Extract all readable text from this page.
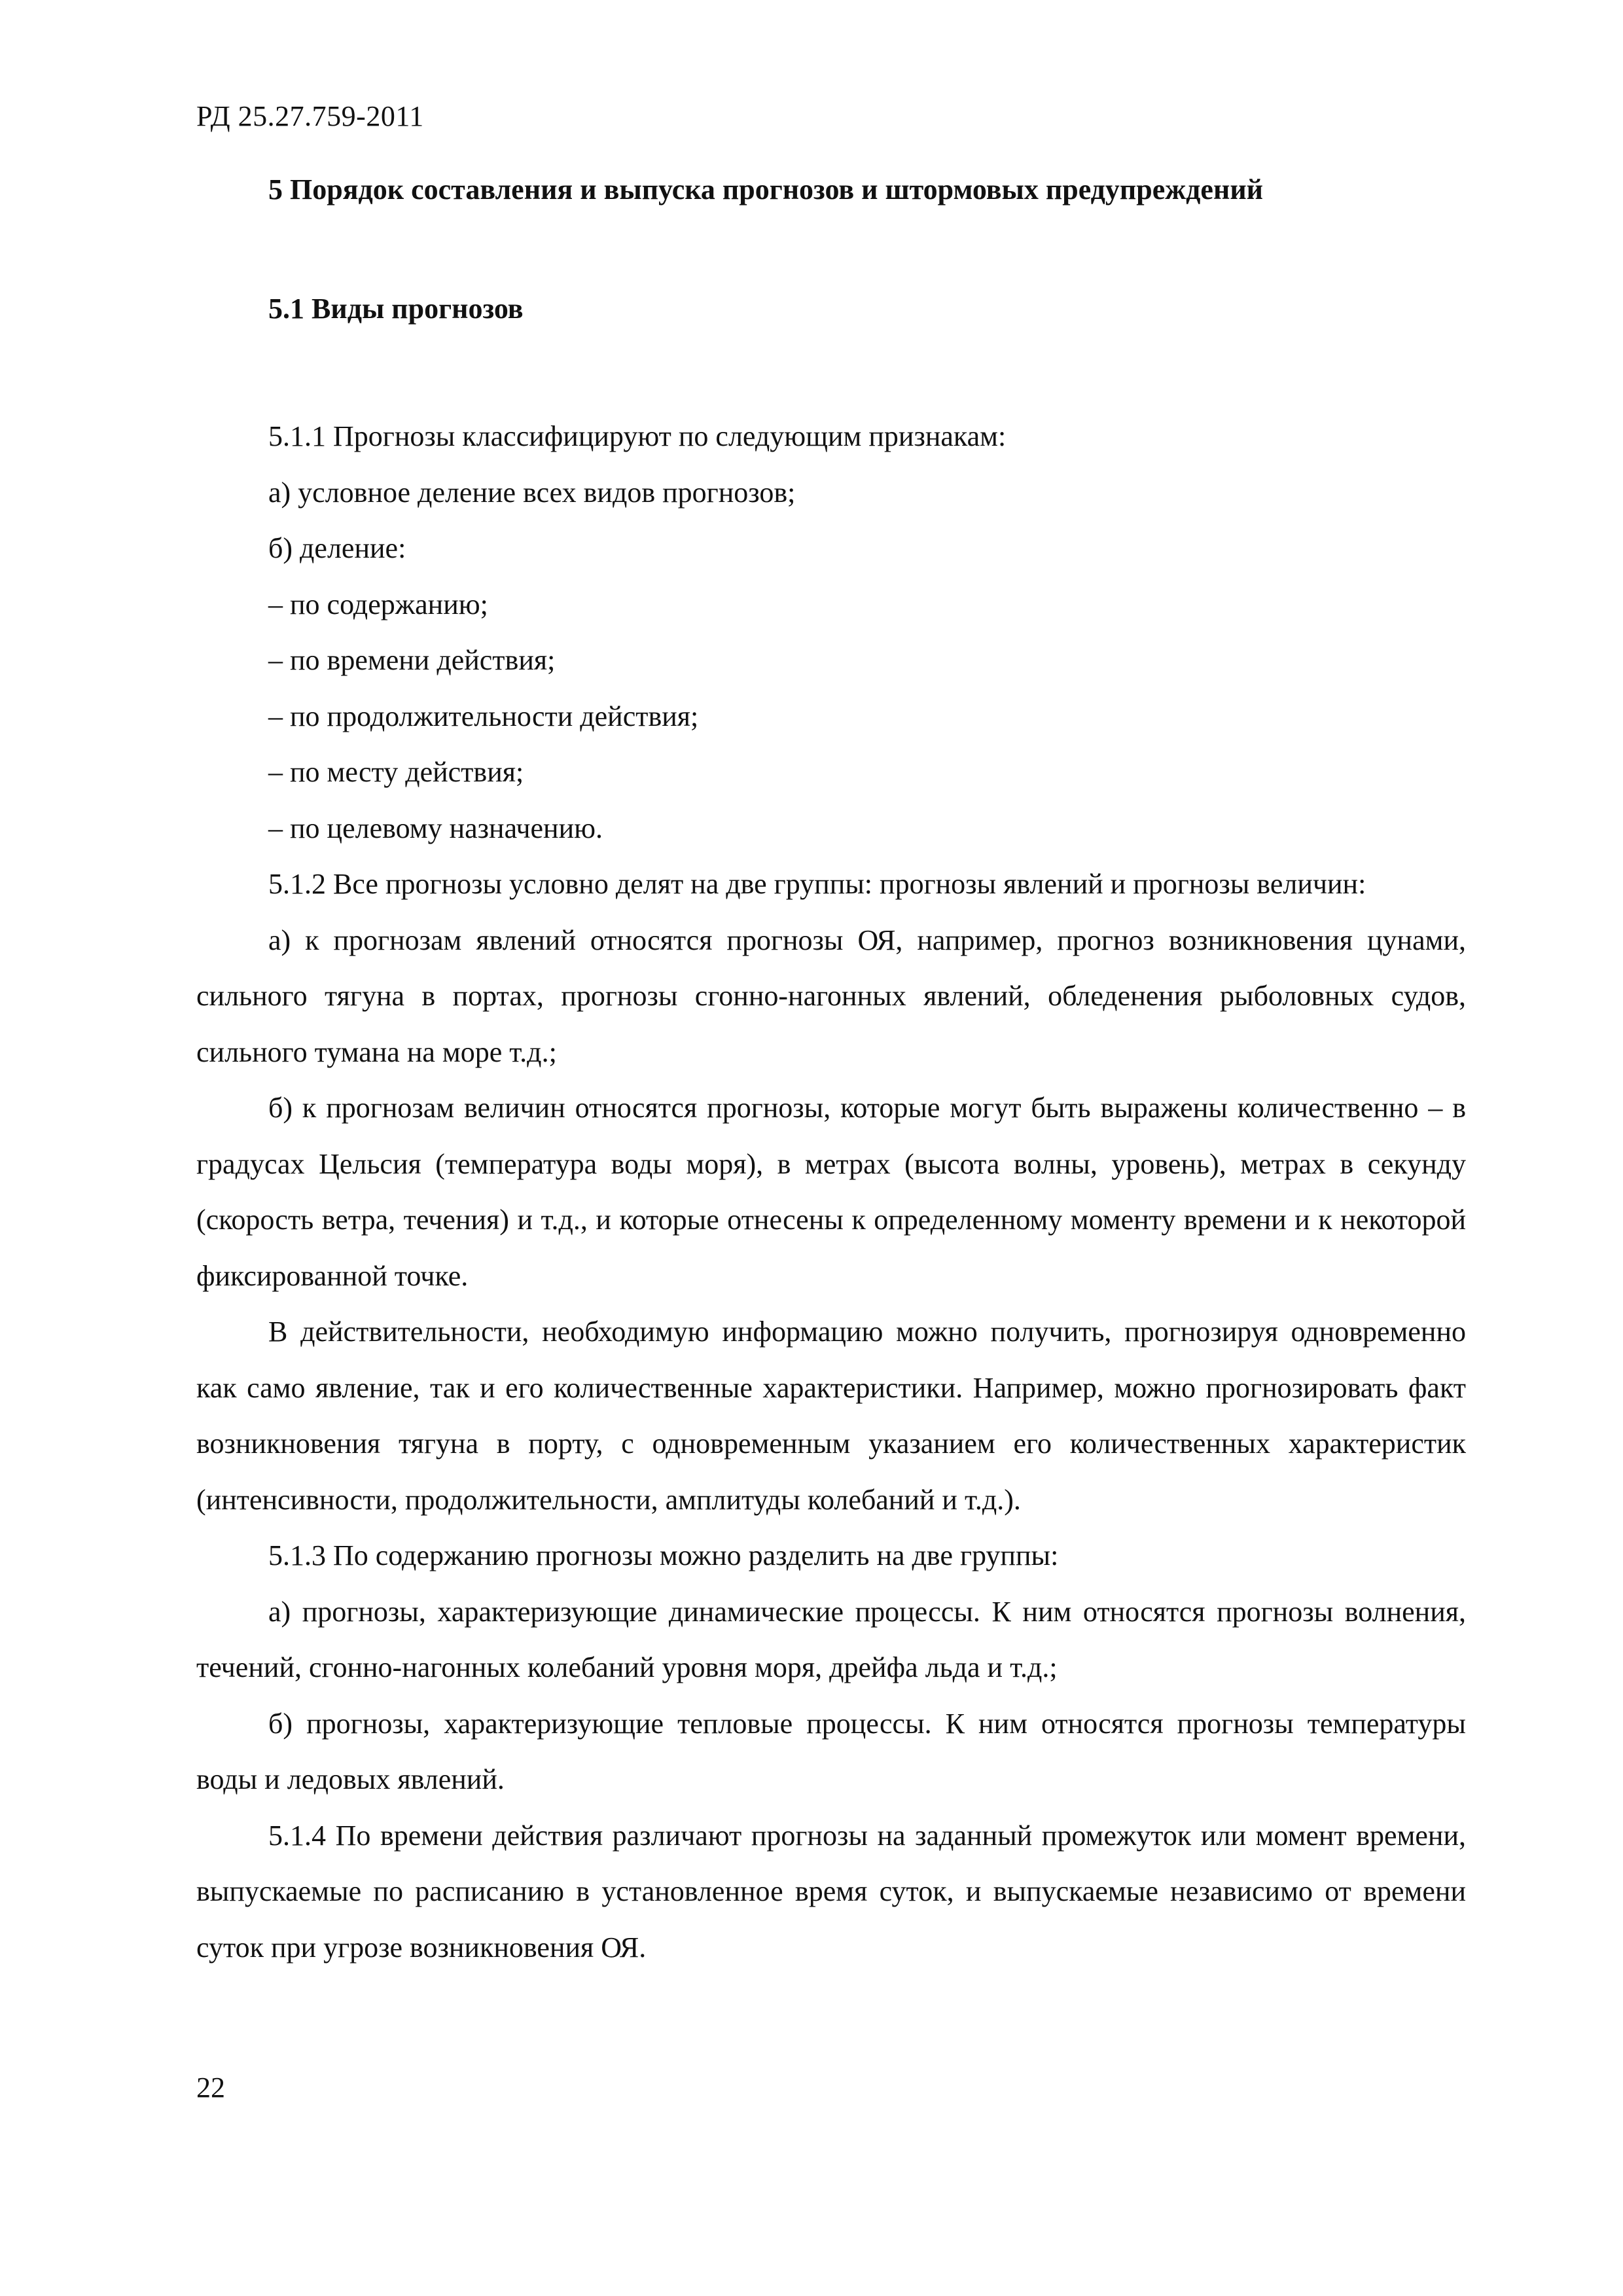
РД 25.27.759-2011
5 Порядок составления и выпуска прогнозов и штормовых предупреждений
5.1 Виды прогнозов

5.1.1 Прогнозы классифицируют по следующим признакам:

а) условное деление всех видов прогнозов;

б) деление:

– по содержанию;

– по времени действия;

– по продолжительности действия;

– по месту действия;

– по целевому назначению.

5.1.2 Все прогнозы условно делят на две группы: прогнозы явлений и прогнозы величин:

а) к прогнозам явлений относятся прогнозы ОЯ, например, прогноз возникновения цунами, сильного тягуна в портах, прогнозы сгонно-нагонных явлений, обледенения рыболовных судов, сильного тумана на море т.д.;

б) к прогнозам величин относятся прогнозы, которые могут быть выражены количественно – в градусах Цельсия (температура воды моря), в метрах (высота волны, уровень), метрах в секунду (скорость ветра, течения) и т.д., и которые отнесены к определенному моменту времени и к некоторой фиксированной точке.

В действительности, необходимую информацию можно получить, прогнозируя одновременно как само явление, так и его количественные характеристики. Например, можно прогнозировать факт возникновения тягуна в порту, с одновременным указанием его количественных характеристик (интенсивности, продолжительности, амплитуды колебаний и т.д.).

5.1.3 По содержанию прогнозы можно разделить на две группы:

а) прогнозы, характеризующие динамические процессы. К ним относятся прогнозы волнения, течений, сгонно-нагонных колебаний уровня моря, дрейфа льда и т.д.;

б) прогнозы, характеризующие тепловые процессы. К ним относятся прогнозы температуры воды и ледовых явлений.

5.1.4 По времени действия различают прогнозы на заданный промежуток или момент времени, выпускаемые по расписанию в установленное время суток, и выпускаемые независимо от времени суток при угрозе возникновения ОЯ.

22
